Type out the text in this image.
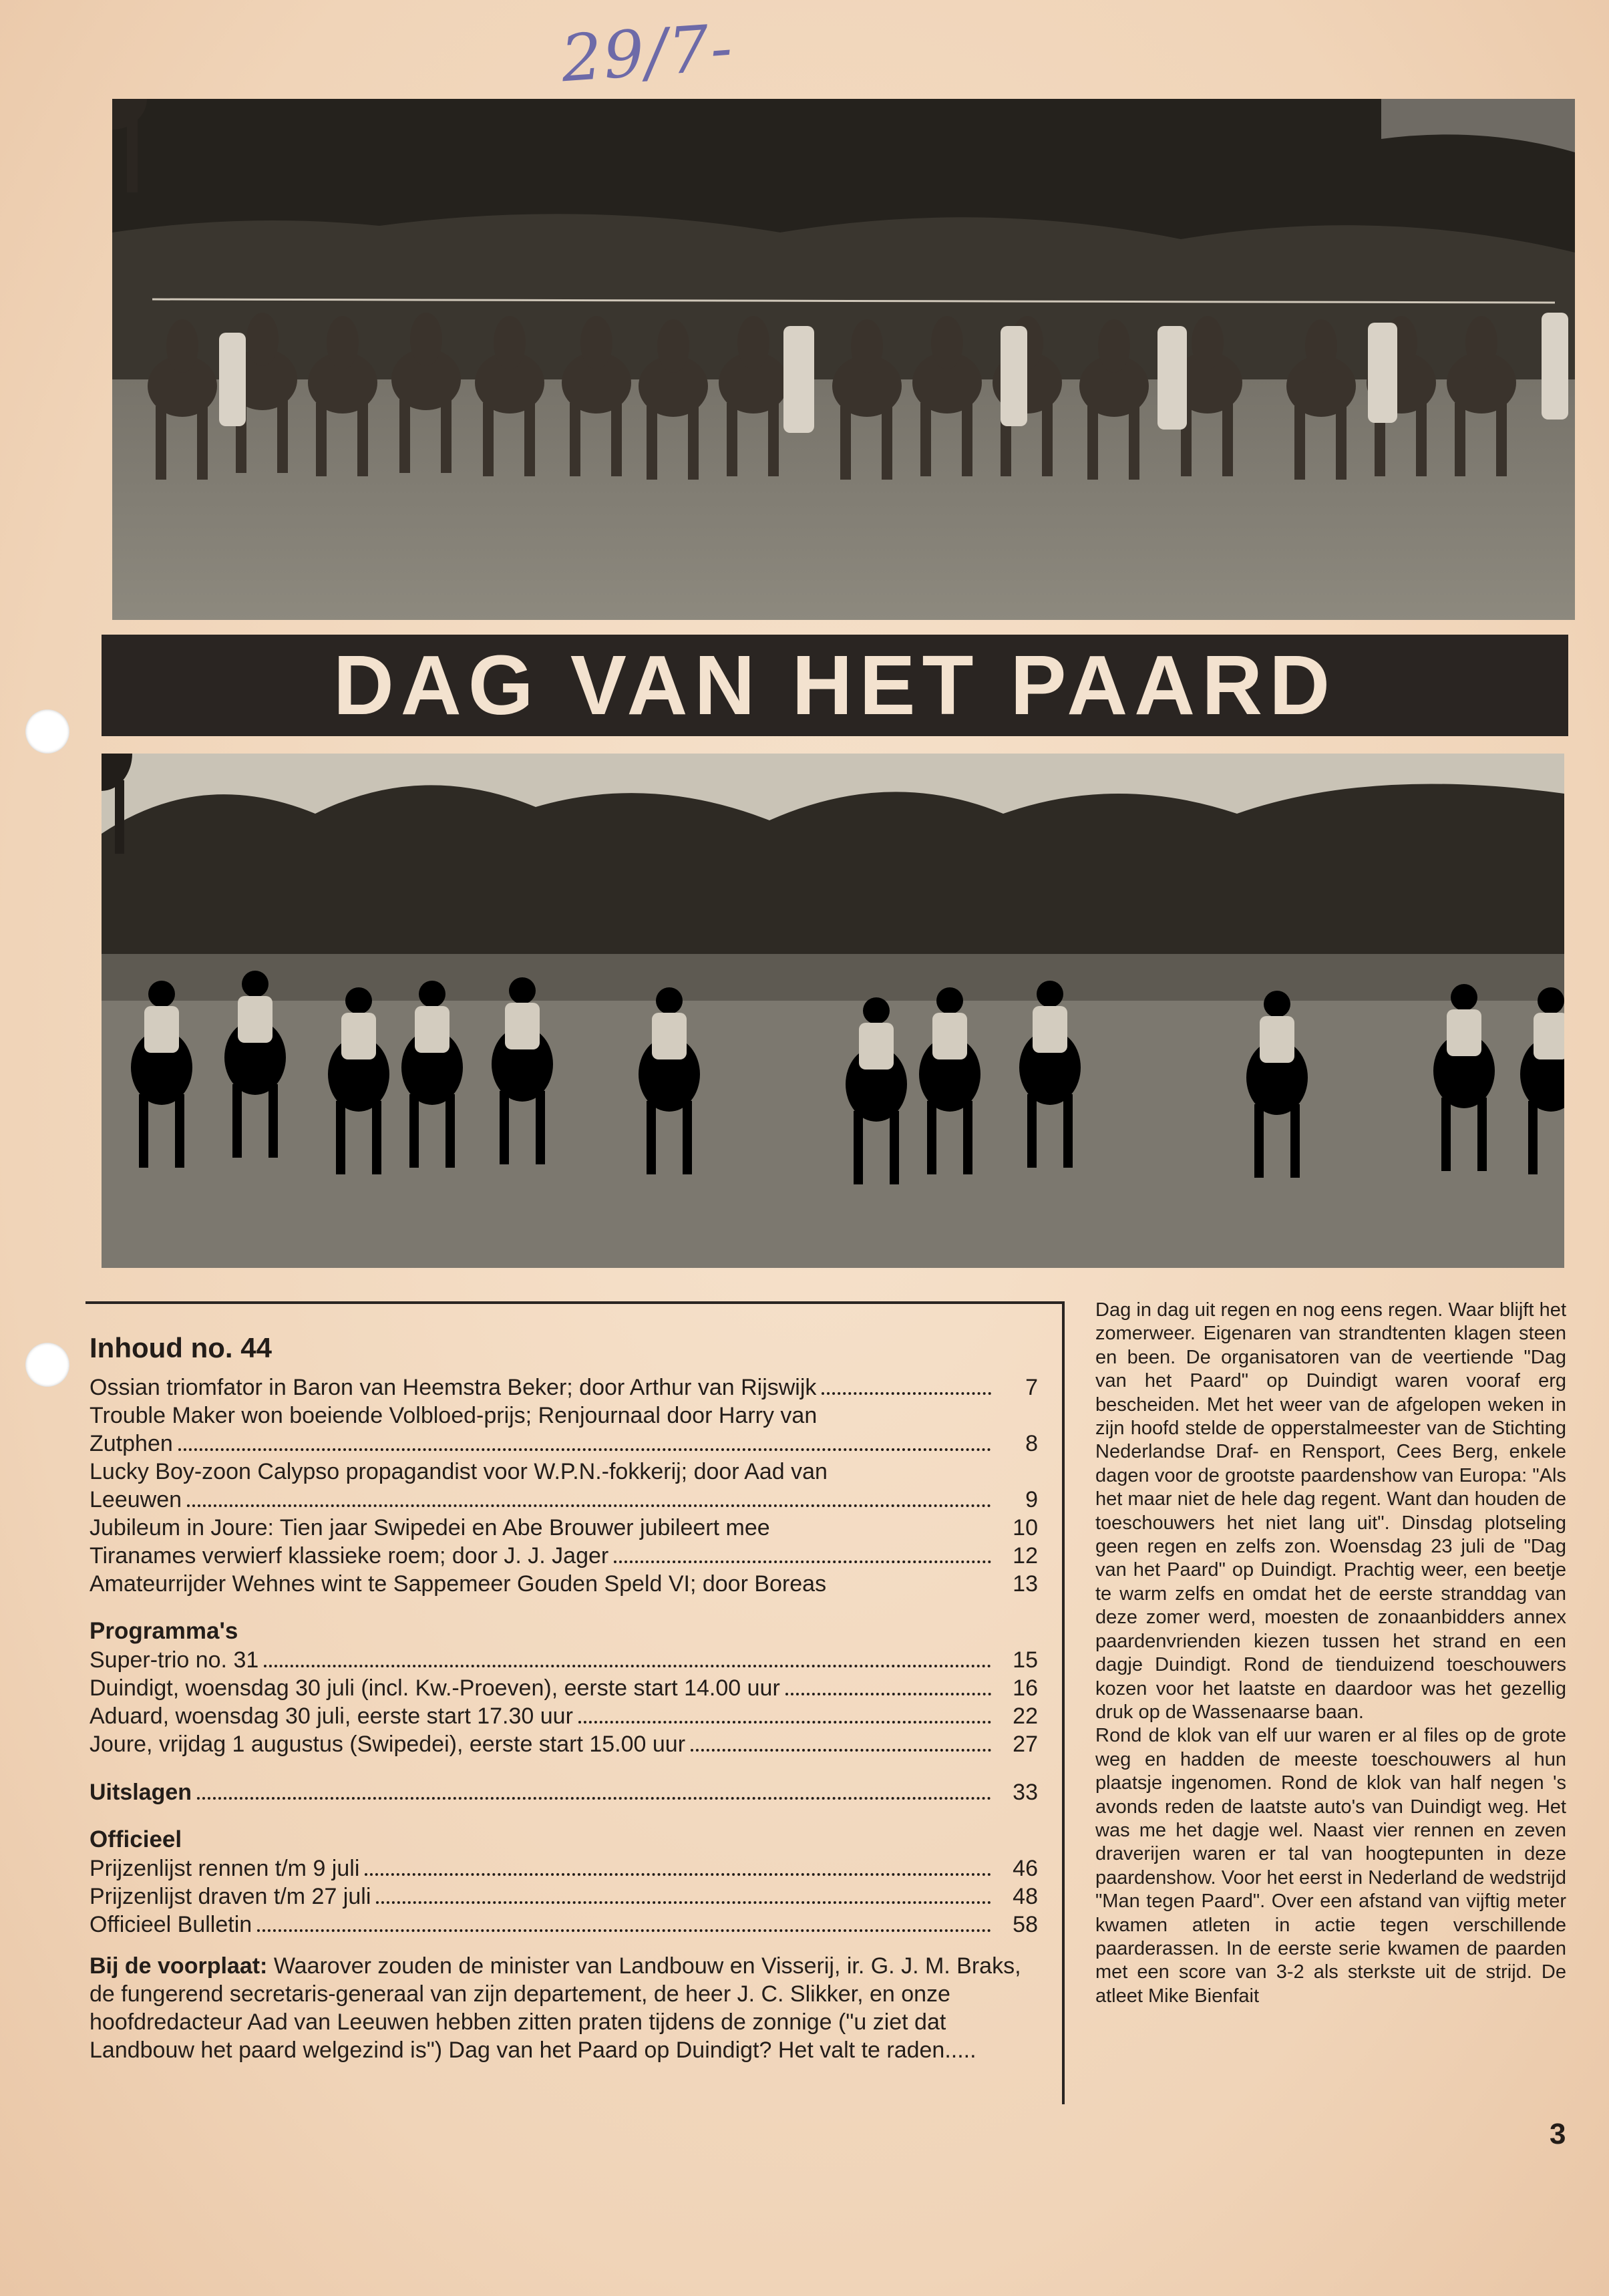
29/7-'86
DAG VAN HET PAARD
Inhoud no. 44
Ossian triomfator in Baron van Heemstra Beker; door Arthur van Rijswijk	7
Trouble Maker won boeiende Volbloed-prijs; Renjournaal door Harry van
Zutphen	8
Lucky Boy-zoon Calypso propagandist voor W.P.N.-fokkerij; door Aad van
Leeuwen	9
Jubileum in Joure: Tien jaar Swipedei en Abe Brouwer jubileert mee	10
Tiranames verwierf klassieke roem; door J. J. Jager	12
Amateurrijder Wehnes wint te Sappemeer Gouden Speld VI; door Boreas	13
Programma's
Super-trio no. 31	15
Duindigt, woensdag 30 juli (incl. Kw.-Proeven), eerste start 14.00 uur	16
Aduard, woensdag 30 juli, eerste start 17.30 uur	22
Joure, vrijdag 1 augustus (Swipedei), eerste start 15.00 uur	27
Uitslagen	33
Officieel
Prijzenlijst rennen t/m 9 juli	46
Prijzenlijst draven t/m 27 juli	48
Officieel Bulletin	58
Bij de voorplaat: Waarover zouden de minister van Landbouw en Visserij, ir. G. J. M. Braks, de fungerend secretaris-generaal van zijn departement, de heer J. C. Slikker, en onze hoofdredacteur Aad van Leeuwen hebben zitten praten tijdens de zonnige ("u ziet dat Landbouw het paard welgezind is") Dag van het Paard op Duindigt? Het valt te raden.....
Dag in dag uit regen en nog eens regen. Waar blijft het zomerweer. Eigenaren van strandtenten klagen steen en been. De organisatoren van de veertiende "Dag van het Paard" op Duindigt waren vooraf erg bescheiden. Met het weer van de afgelopen weken in zijn hoofd stelde de opperstalmeester van de Stichting Nederlandse Draf- en Rensport, Cees Berg, enkele dagen voor de grootste paardenshow van Europa: "Als het maar niet de hele dag regent. Want dan houden de toeschouwers het niet lang uit". Dinsdag plotseling geen regen en zelfs zon. Woensdag 23 juli de "Dag van het Paard" op Duindigt. Prachtig weer, een beetje te warm zelfs en omdat het de eerste stranddag van deze zomer werd, moesten de zonaanbidders annex paardenvrienden kiezen tussen het strand en een dagje Duindigt. Rond de tienduizend toeschouwers kozen voor het laatste en daardoor was het gezellig druk op de Wassenaarse baan.
Rond de klok van elf uur waren er al files op de grote weg en hadden de meeste toeschouwers al hun plaatsje ingenomen. Rond de klok van half negen 's avonds reden de laatste auto's van Duindigt weg. Het was me het dagje wel. Naast vier rennen en zeven draverijen waren er tal van hoogtepunten in deze paardenshow. Voor het eerst in Nederland de wedstrijd "Man tegen Paard". Over een afstand van vijftig meter kwamen atleten in actie tegen verschillende paarderassen. In de eerste serie kwamen de paarden met een score van 3-2 als sterkste uit de strijd. De atleet Mike Bienfait
3
